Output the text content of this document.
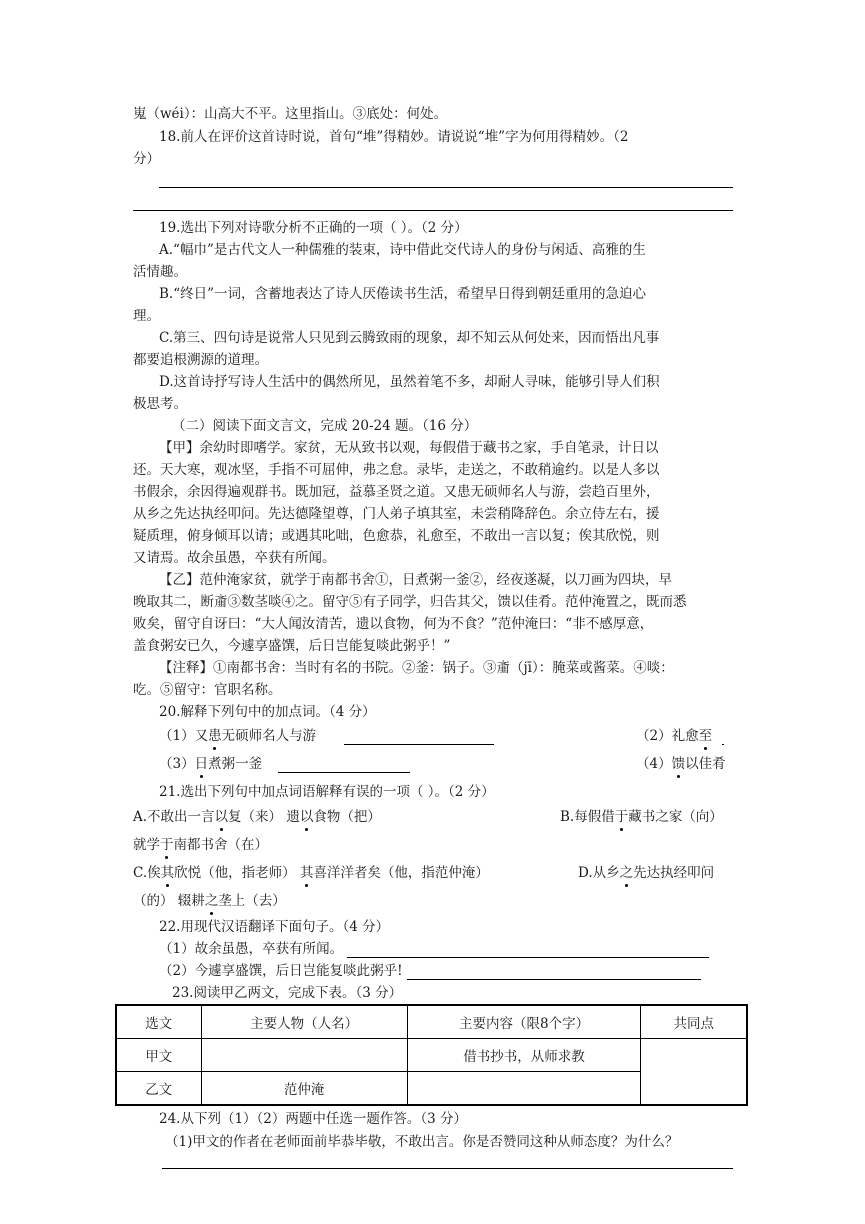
嵬（wéi）：山高大不平。这里指山。③底处：何处。
18.前人在评价这首诗时说，首句“堆”得精妙。请说说“堆”字为何用得精妙。（2
分）
19.选出下列对诗歌分析不正确的一项（ ）。（2 分）
A.“幅巾”是古代文人一种儒雅的装束，诗中借此交代诗人的身份与闲适、高雅的生
活情趣。
B.“终日”一词，含蓄地表达了诗人厌倦读书生活，希望早日得到朝廷重用的急迫心
理。
C.第三、四句诗是说常人只见到云腾致雨的现象，却不知云从何处来，因而悟出凡事
都要追根溯源的道理。
D.这首诗抒写诗人生活中的偶然所见，虽然着笔不多，却耐人寻味，能够引导人们积
极思考。
（二）阅读下面文言文，完成 20-24 题。（16 分）
【甲】余幼时即嗜学。家贫，无从致书以观，每假借于藏书之家，手自笔录，计日以
还。天大寒，观冰坚，手指不可屈伸，弗之怠。录毕，走送之，不敢稍逾约。以是人多以
书假余，余因得遍观群书。既加冠，益慕圣贤之道。又患无硕师名人与游，尝趋百里外，
从乡之先达执经叩问。先达德隆望尊，门人弟子填其室，未尝稍降辞色。余立侍左右，援
疑质理，俯身倾耳以请；或遇其叱咄，色愈恭，礼愈至，不敢出一言以复；俟其欣悦，则
又请焉。故余虽愚，卒获有所闻。
【乙】范仲淹家贫，就学于南都书舍①，日煮粥一釜②，经夜遂凝，以刀画为四块，早
晚取其二，断齑③数茎啖④之。留守⑤有子同学，归告其父，馈以佳肴。范仲淹置之，既而悉
败矣，留守自讶曰：“大人闻汝清苦，遗以食物，何为不食？”范仲淹曰：“非不感厚意，
盖食粥安已久，今遽享盛馔，后日岂能复啖此粥乎！”
【注释】①南都书舍：当时有名的书院。②釜：锅子。③齑（jī）：腌菜或酱菜。④啖：
吃。⑤留守：官职名称。
20.解释下列句中的加点词。（4 分）
（1）又患无硕师名人与游	（2）礼愈至
（3）日煮粥一釜	（4）馈以佳肴
21.选出下列句中加点词语解释有误的一项（ ）。（2 分）
A.不敢出一言以复（来） 遗以食物（把）	B.每假借于藏书之家（向）
就学于南都书舍（在）
C.俟其欣悦（他，指老师） 其喜洋洋者矣（他，指范仲淹）	D.从乡之先达执经叩问
（的） 辍耕之垄上（去）
22.用现代汉语翻译下面句子。（4 分）
（1）故余虽愚，卒获有所闻。
（2）今遽享盛馔，后日岂能复啖此粥乎!
23.阅读甲乙两文，完成下表。（3 分）
选文	主要人物（人名）	主要内容（限8个字）	共同点
甲文		借书抄书，从师求教	
乙文	范仲淹		
24.从下列（1）（2）两题中任选一题作答。（3 分）
（1)甲文的作者在老师面前毕恭毕敬，不敢出言。你是否赞同这种从师态度？为什么？
